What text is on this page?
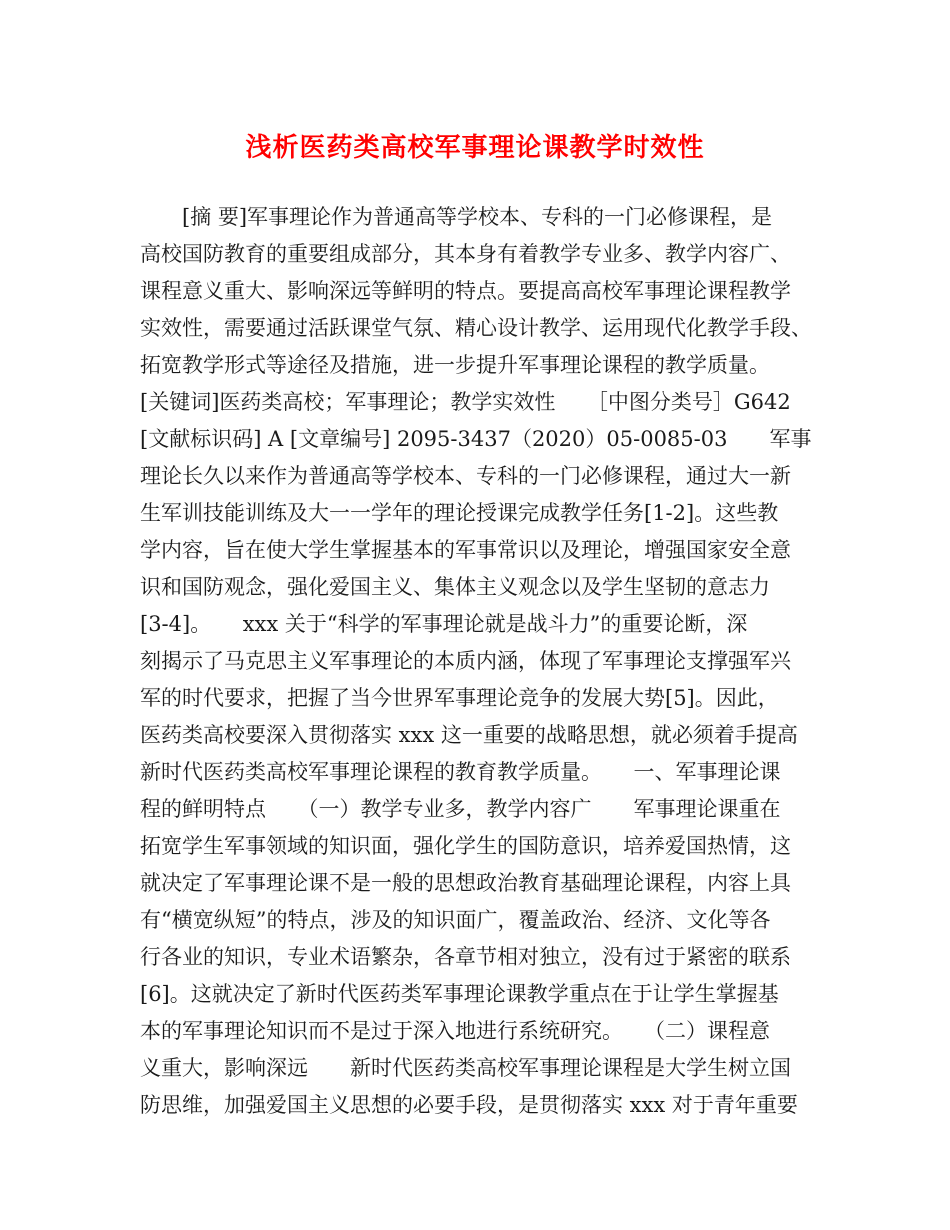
浅析医药类高校军事理论课教学时效性
[摘 要]军事理论作为普通高等学校本、专科的一门必修课程，是
高校国防教育的重要组成部分，其本身有着教学专业多、教学内容广、
课程意义重大、影响深远等鲜明的特点。要提高高校军事理论课程教学
实效性，需要通过活跃课堂气氛、精心设计教学、运用现代化教学手段、
拓宽教学形式等途径及措施，进一步提升军事理论课程的教学质量。
[关键词]医药类高校；军事理论；教学实效性　　［中图分类号］G642
[文献标识码] A [文章编号] 2095-3437（2020）05-0085-03　　军事
理论长久以来作为普通高等学校本、专科的一门必修课程，通过大一新
生军训技能训练及大一一学年的理论授课完成教学任务[1-2]。这些教
学内容，旨在使大学生掌握基本的军事常识以及理论，增强国家安全意
识和国防观念，强化爱国主义、集体主义观念以及学生坚韧的意志力
[3-4]。　　xxx 关于“科学的军事理论就是战斗力”的重要论断，深
刻揭示了马克思主义军事理论的本质内涵，体现了军事理论支撑强军兴
军的时代要求，把握了当今世界军事理论竞争的发展大势[5]。因此，
医药类高校要深入贯彻落实 xxx 这一重要的战略思想，就必须着手提高
新时代医药类高校军事理论课程的教育教学质量。　　一、军事理论课
程的鲜明特点　　（一）教学专业多，教学内容广　　军事理论课重在
拓宽学生军事领域的知识面，强化学生的国防意识，培养爱国热情，这
就决定了军事理论课不是一般的思想政治教育基础理论课程，内容上具
有“横宽纵短”的特点，涉及的知识面广，覆盖政治、经济、文化等各
行各业的知识，专业术语繁杂，各章节相对独立，没有过于紧密的联系
[6]。这就决定了新时代医药类军事理论课教学重点在于让学生掌握基
本的军事理论知识而不是过于深入地进行系统研究。　　（二）课程意
义重大，影响深远　　新时代医药类高校军事理论课程是大学生树立国
防思维，加强爱国主义思想的必要手段，是贯彻落实 xxx 对于青年重要
